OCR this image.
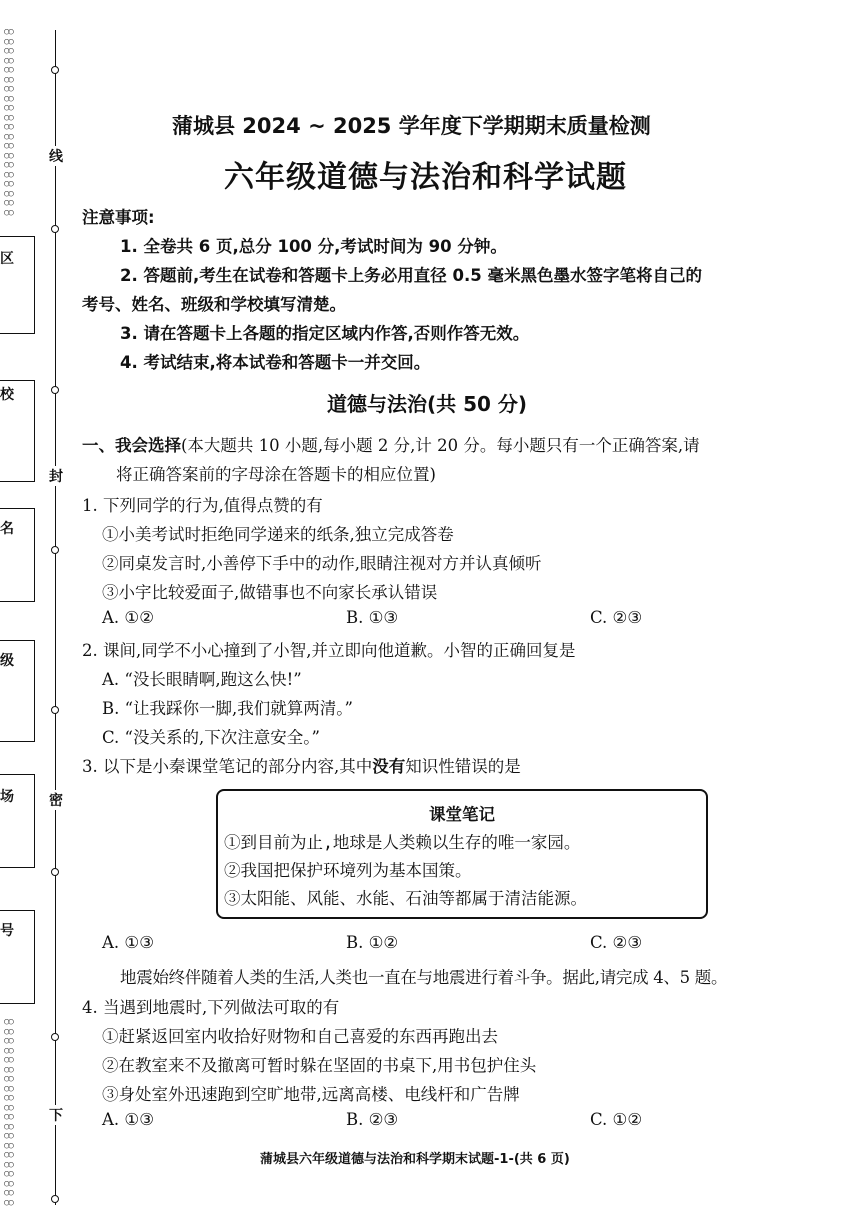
○○
○○
○○
○○
○○
○○
○○
○○
○○
○○
○○
○○
○○
○○
○○
○○
○○
○○
○○
○○
○○
○○
○○
○○
○○
○○
○○
○○
○○
○○
○○
○○
○○
○○
○○
○○
○○
○○
○○
○○
线
封
密
下
区
校
名
级
场
号
蒲城县 2024 ~ 2025 学年度下学期期末质量检测
六年级道德与法治和科学试题
注意事项:
1. 全卷共 6 页,总分 100 分,考试时间为 90 分钟。
2. 答题前,考生在试卷和答题卡上务必用直径 0.5 毫米黑色墨水签字笔将自己的
考号、姓名、班级和学校填写清楚。
3. 请在答题卡上各题的指定区域内作答,否则作答无效。
4. 考试结束,将本试卷和答题卡一并交回。
道德与法治(共 50 分)
一、我会选择(本大题共 10 小题,每小题 2 分,计 20 分。每小题只有一个正确答案,请
将正确答案前的字母涂在答题卡的相应位置)
1. 下列同学的行为,值得点赞的有
①小美考试时拒绝同学递来的纸条,独立完成答卷
②同桌发言时,小善停下手中的动作,眼睛注视对方并认真倾听
③小宇比较爱面子,做错事也不向家长承认错误
A. ①②	B. ①③	C. ②③
2. 课间,同学不小心撞到了小智,并立即向他道歉。小智的正确回复是
A. “没长眼睛啊,跑这么快!”
B. “让我踩你一脚,我们就算两清。”
C. “没关系的,下次注意安全。”
3. 以下是小秦课堂笔记的部分内容,其中没有知识性错误的是
课堂笔记
①到目前为止,地球是人类赖以生存的唯一家园。
②我国把保护环境列为基本国策。
③太阳能、风能、水能、石油等都属于清洁能源。
A. ①③	B. ①②	C. ②③
地震始终伴随着人类的生活,人类也一直在与地震进行着斗争。据此,请完成 4、5 题。
4. 当遇到地震时,下列做法可取的有
①赶紧返回室内收拾好财物和自己喜爱的东西再跑出去
②在教室来不及撤离可暂时躲在坚固的书桌下,用书包护住头
③身处室外迅速跑到空旷地带,远离高楼、电线杆和广告牌
A. ①③	B. ②③	C. ①②
蒲城县六年级道德与法治和科学期末试题-1-(共 6 页)
